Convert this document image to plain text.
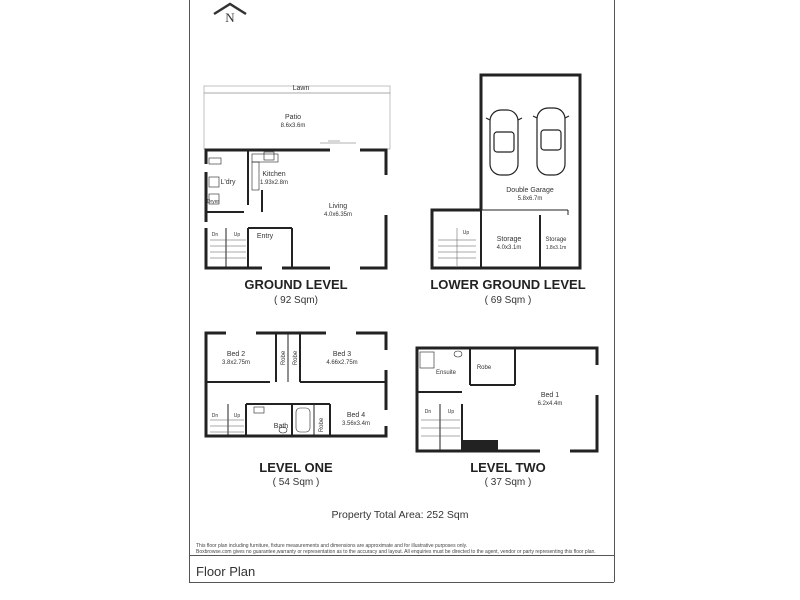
N
Lawn
Patio
8.6x3.6m
L'dry
Dryer
Kitchen
1.93x2.8m
Living
4.0x6.35m
Entry
Dn	Up
Double Garage
5.8x6.7m
Storage
4.0x3.1m
Storage
1.8x3.1m
Up
Bed 2
3.8x2.75m	Robe Robe	Bed 3
4.66x2.75m
Bath	Robe
Bed 4
3.56x3.4m
Dn	Up
Ensuite
Robe
Bed 1
6.2x4.4m
Dn	Up
GROUND LEVEL
( 92 Sqm)
LOWER GROUND LEVEL
( 69 Sqm )
LEVEL ONE
( 54 Sqm )
LEVEL TWO
( 37 Sqm )
Property Total Area: 252 Sqm
This floor plan including furniture, fixture measurements and dimensions are approximate and for illustrative purposes only.
Boxbrowse.com gives no guarantee,warranty or representation as to the accuracy and layout. All enquiries must be directed to the agent, vendor or party representing this floor plan.
Floor Plan
